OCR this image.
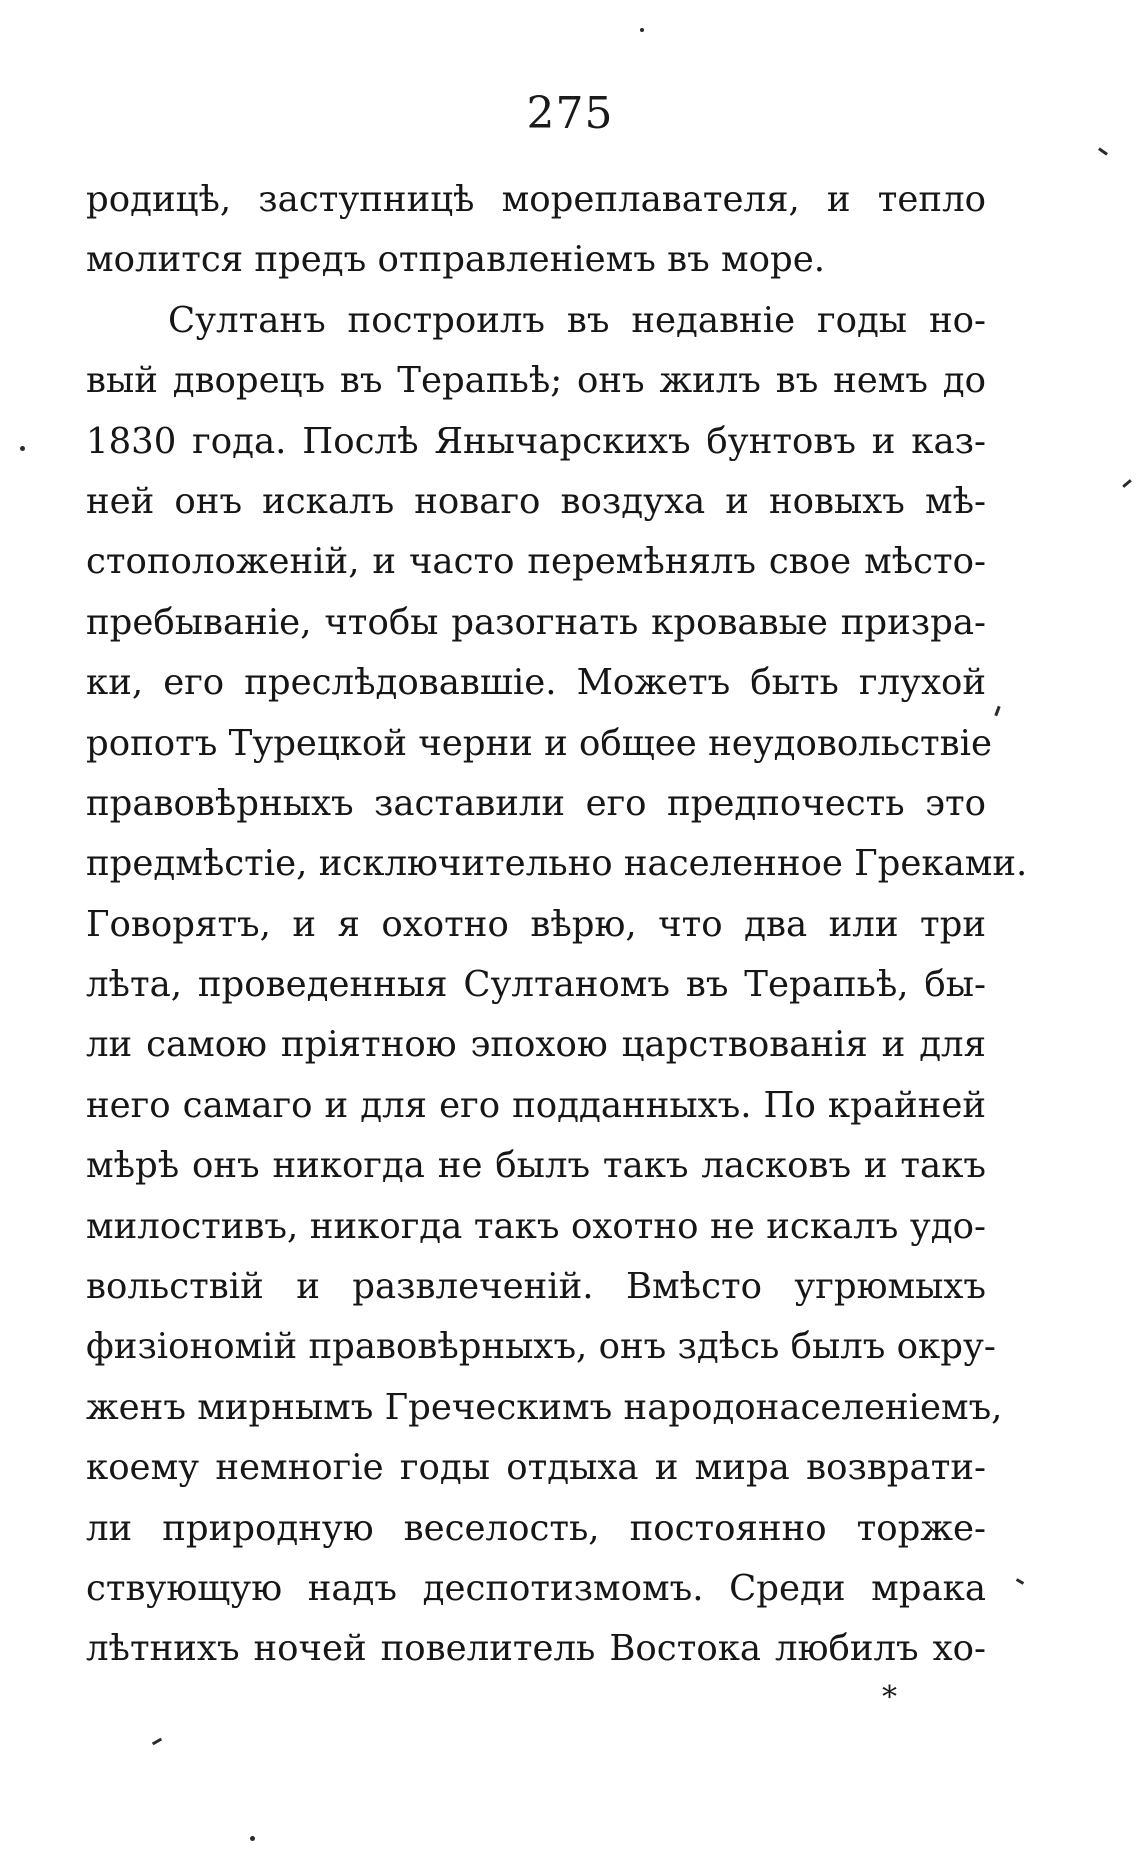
275
родицѣ, заступницѣ мореплавателя, и тепло
молится предъ отправленіемъ въ море.
Султанъ построилъ въ недавніе годы но-
вый дворецъ въ Терапьѣ; онъ жилъ въ немъ до
1830 года. Послѣ Янычарскихъ бунтовъ и каз-
ней онъ искалъ новаго воздуха и новыхъ мѣ-
стоположеній, и часто перемѣнялъ свое мѣсто-
пребываніе, чтобы разогнать кровавые призра-
ки, его преслѣдовавшіе. Можетъ быть глухой
ропотъ Турецкой черни и общее неудовольствіе
правовѣрныхъ заставили его предпочесть это
предмѣстіе, исключительно населенное Греками.
Говорятъ, и я охотно вѣрю, что два или три
лѣта, проведенныя Султаномъ въ Терапьѣ, бы-
ли самою пріятною эпохою царствованія и для
него самаго и для его подданныхъ. По крайней
мѣрѣ онъ никогда не былъ такъ ласковъ и такъ
милостивъ, никогда такъ охотно не искалъ удо-
вольствій и развлеченій. Вмѣсто угрюмыхъ
физіономій правовѣрныхъ, онъ здѣсь былъ окру-
женъ мирнымъ Греческимъ народонаселеніемъ,
коему немногіе годы отдыха и мира возврати-
ли природную веселость, постоянно торже-
ствующую надъ деспотизмомъ. Среди мрака
лѣтнихъ ночей повелитель Востока любилъ хо-
*
